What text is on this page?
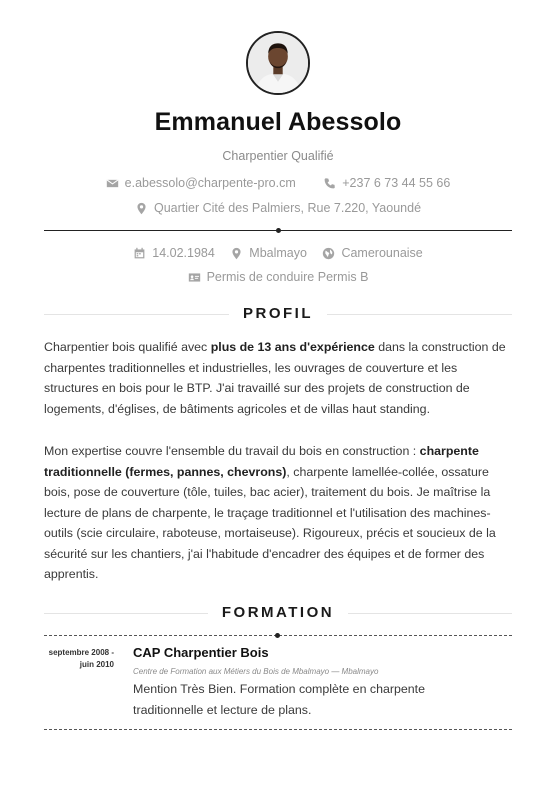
Emmanuel Abessolo
Charpentier Qualifié
e.abessolo@charpente-pro.cm
	+237 6 73 44 55 66
Quartier Cité des Palmiers, Rue 7.220, Yaoundé
14.02.1984
	Mbalmayo
	Camerounaise
Permis de conduire Permis B
PROFIL

Charpentier bois qualifié avec plus de 13 ans d'expérience dans la construction de charpentes traditionnelles et industrielles, les ouvrages de couverture et les structures en bois pour le BTP. J'ai travaillé sur des projets de construction de logements, d'églises, de bâtiments agricoles et de villas haut standing.

Mon expertise couvre l'ensemble du travail du bois en construction : charpente traditionnelle (fermes, pannes, chevrons), charpente lamellée-collée, ossature bois, pose de couverture (tôle, tuiles, bac acier), traitement du bois. Je maîtrise la lecture de plans de charpente, le traçage traditionnel et l'utilisation des machines-outils (scie circulaire, raboteuse, mortaiseuse). Rigoureux, précis et soucieux de la sécurité sur les chantiers, j'ai l'habitude d'encadrer des équipes et de former des apprentis.

FORMATION
septembre 2008 -
juin 2010
CAP Charpentier Bois
Centre de Formation aux Métiers du Bois de Mbalmayo — Mbalmayo
Mention Très Bien. Formation complète en charpente traditionnelle et lecture de plans.
